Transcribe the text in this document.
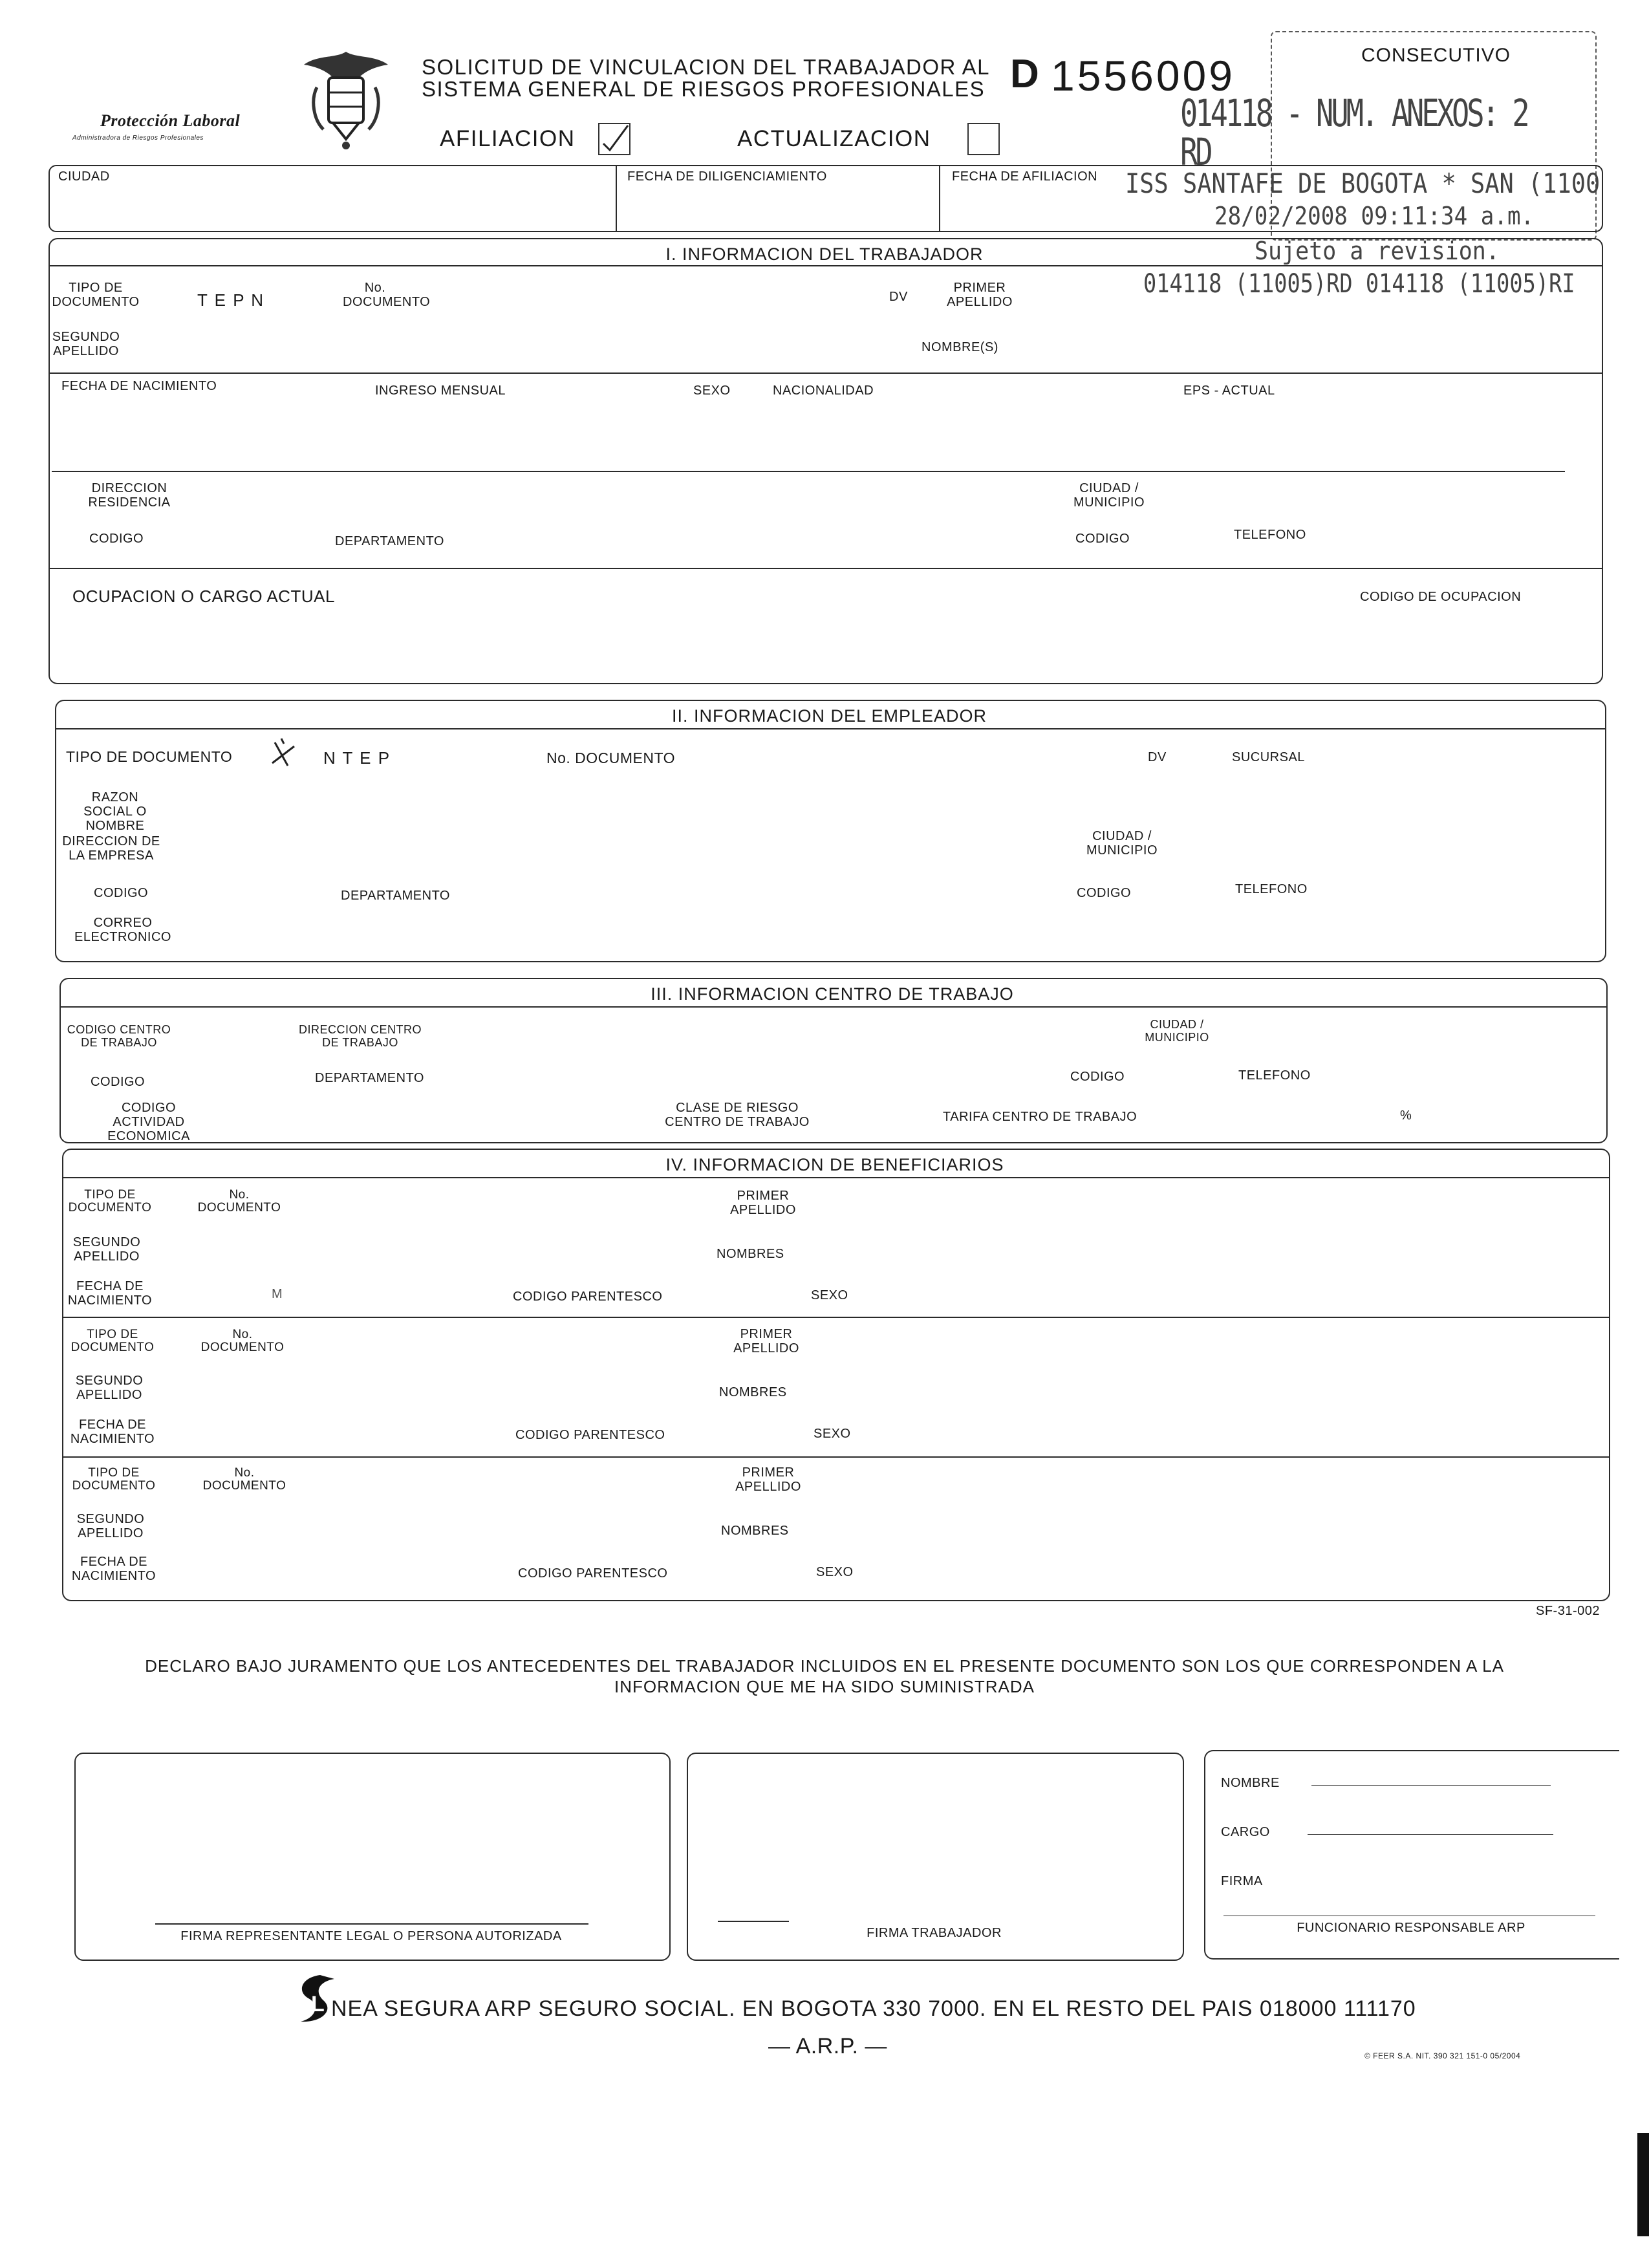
Protección Laboral
Administradora de Riesgos Profesionales
SOLICITUD DE VINCULACION DEL TRABAJADOR AL
SISTEMA GENERAL DE RIESGOS PROFESIONALES D 1556009
AFILIACION	ACTUALIZACION
CONSECUTIVO
014118 - NUM. ANEXOS: 2 RD
ISS SANTAFE DE BOGOTA * SAN (1100
28/02/2008 09:11:34 a.m.
Sujeto a revision.
014118 (11005)RD 014118 (11005)RI
CIUDAD	FECHA DE DILIGENCIAMIENTO	FECHA DE AFILIACION
I. INFORMACION DEL TRABAJADOR
TIPO DE DOCUMENTO	T E P N
No. DOCUMENTO	DV
PRIMER APELLIDO
SEGUNDO APELLIDO	NOMBRE(S)
FECHA DE NACIMIENTO	INGRESO MENSUAL	SEXO	NACIONALIDAD	EPS - ACTUAL
DIRECCION RESIDENCIA
CIUDAD / MUNICIPIO
CODIGO	DEPARTAMENTO	CODIGO	TELEFONO
OCUPACION O CARGO ACTUAL	CODIGO DE OCUPACION
II. INFORMACION DEL EMPLEADOR
TIPO DE DOCUMENTO	N T E P	No. DOCUMENTO	DV	SUCURSAL
RAZON SOCIAL O NOMBRE
DIRECCION DE LA EMPRESA
CIUDAD / MUNICIPIO
CODIGO	DEPARTAMENTO	CODIGO	TELEFONO
CORREO ELECTRONICO
III. INFORMACION CENTRO DE TRABAJO
CODIGO CENTRO DE TRABAJO
DIRECCION CENTRO DE TRABAJO
CIUDAD / MUNICIPIO
CODIGO	DEPARTAMENTO	CODIGO	TELEFONO
CODIGO ACTIVIDAD ECONOMICA
CLASE DE RIESGO CENTRO DE TRABAJO	TARIFA CENTRO DE TRABAJO	%
IV. INFORMACION DE BENEFICIARIOS
TIPO DE DOCUMENTO
No. DOCUMENTO
PRIMER APELLIDO
SEGUNDO APELLIDO	NOMBRES
FECHA DE NACIMIENTO	M	CODIGO PARENTESCO	SEXO
TIPO DE DOCUMENTO
No. DOCUMENTO
PRIMER APELLIDO
SEGUNDO APELLIDO	NOMBRES
FECHA DE NACIMIENTO	CODIGO PARENTESCO	SEXO
TIPO DE DOCUMENTO
No. DOCUMENTO
PRIMER APELLIDO
SEGUNDO APELLIDO	NOMBRES
FECHA DE NACIMIENTO	CODIGO PARENTESCO	SEXO
SF-31-002
DECLARO BAJO JURAMENTO QUE LOS ANTECEDENTES DEL TRABAJADOR INCLUIDOS EN EL PRESENTE DOCUMENTO SON LOS QUE CORRESPONDEN A LA
INFORMACION QUE ME HA SIDO SUMINISTRADA
FIRMA REPRESENTANTE LEGAL O PERSONA AUTORIZADA	FIRMA TRABAJADOR
NOMBRE
CARGO
FIRMA
FUNCIONARIO RESPONSABLE ARP
L NEA SEGURA ARP SEGURO SOCIAL. EN BOGOTA 330 7000. EN EL RESTO DEL PAIS 018000 111170
— A.R.P. —	© FEER S.A. NIT. 390 321 151-0 05/2004
